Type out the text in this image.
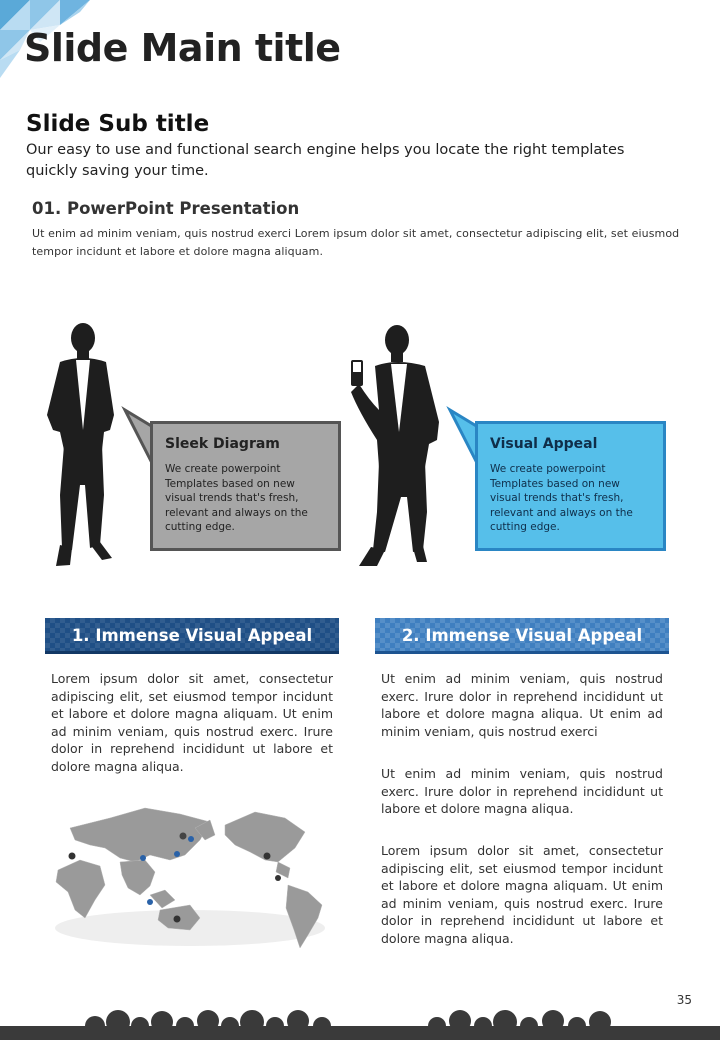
Slide Main title
Slide Sub title
Our easy to use and functional search engine helps you locate the right templates quickly saving your time.
01. PowerPoint Presentation
Ut enim ad minim veniam, quis nostrud exerci Lorem ipsum dolor sit amet, consectetur adipiscing elit, set eiusmod tempor incidunt et labore et dolore magna aliquam.
Sleek Diagram
We create powerpoint
Templates based on new
visual trends that's fresh,
relevant and always on the
cutting edge.
Visual Appeal
We create powerpoint
Templates based on new
visual trends that's fresh,
relevant and always on the
cutting edge.
1. Immense Visual Appeal	2. Immense Visual Appeal
Lorem ipsum dolor sit amet, consectetur adipiscing elit, set eiusmod tempor incidunt et labore et dolore magna aliquam. Ut enim ad minim veniam, quis nostrud exerc. Irure dolor in reprehend incididunt ut labore et dolore magna aliqua.
Ut enim ad minim veniam, quis nostrud exerc. Irure dolor in reprehend incididunt ut labore et dolore magna aliqua. Ut enim ad minim veniam, quis nostrud exerci
Ut enim ad minim veniam, quis nostrud exerc. Irure dolor in reprehend incididunt ut labore et dolore magna aliqua.
Lorem ipsum dolor sit amet, consectetur adipiscing elit, set eiusmod tempor incidunt et labore et dolore magna aliquam. Ut enim ad minim veniam, quis nostrud exerc. Irure dolor in reprehend incididunt ut labore et dolore magna aliqua.
35
